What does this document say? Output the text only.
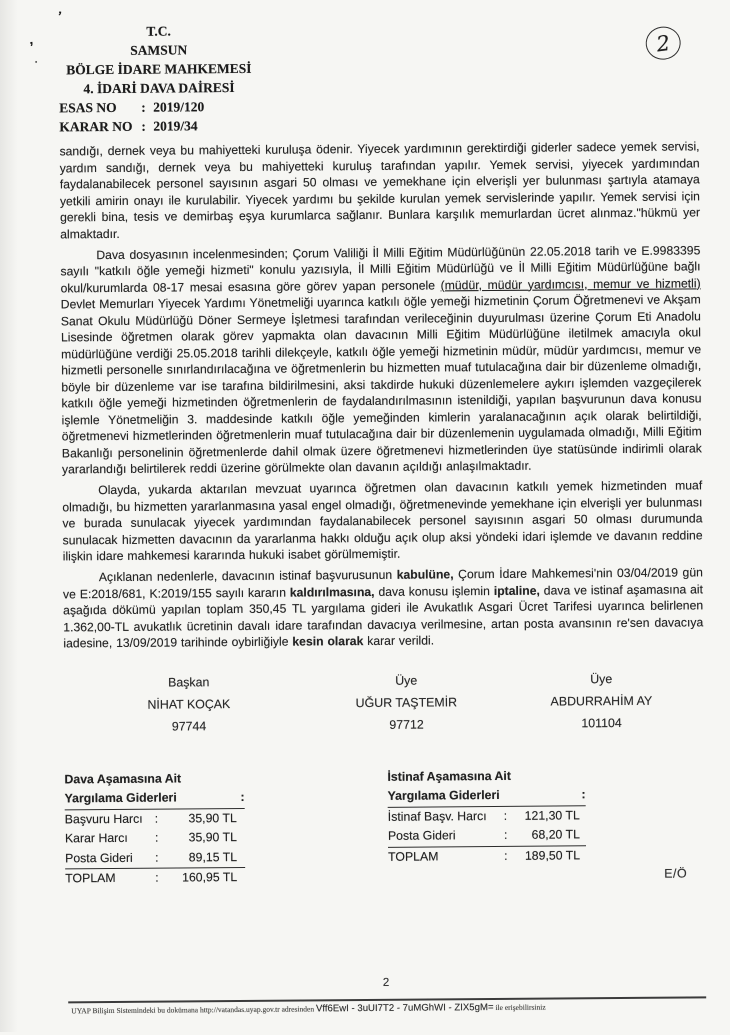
’
’
.
2
T.C.
SAMSUN
BÖLGE İDARE MAHKEMESİ
4. İDARİ DAVA DAİRESİ
ESAS NO	: 2019/120
KARAR NO : 2019/34

sandığı, dernek veya bu mahiyetteki kuruluşa ödenir. Yiyecek yardımının gerektirdiği giderler sadece yemek servisi, yardım sandığı, dernek veya bu mahiyetteki kuruluş tarafından yapılır. Yemek servisi, yiyecek yardımından faydalanabilecek personel sayısının asgari 50 olması ve yemekhane için elverişli yer bulunması şartıyla atamaya yetkili amirin onayı ile kurulabilir. Yiyecek yardımı bu şekilde kurulan yemek servislerinde yapılır. Yemek servisi için gerekli bina, tesis ve demirbaş eşya kurumlarca sağlanır. Bunlara karşılık memurlardan ücret alınmaz."hükmü yer almaktadır.

Dava dosyasının incelenmesinden; Çorum Valiliği İl Milli Eğitim Müdürlüğünün 22.05.2018 tarih ve E.9983395 sayılı "katkılı öğle yemeği hizmeti" konulu yazısıyla, İl Milli Eğitim Müdürlüğü ve İl Milli Eğitim Müdürlüğüne bağlı okul/kurumlarda 08-17 mesai esasına göre görev yapan personele (müdür, müdür yardımcısı, memur ve hizmetli) Devlet Memurları Yiyecek Yardımı Yönetmeliği uyarınca katkılı öğle yemeği hizmetinin Çorum Öğretmenevi ve Akşam Sanat Okulu Müdürlüğü Döner Sermeye İşletmesi tarafından verileceğinin duyurulması üzerine Çorum Eti Anadolu Lisesinde öğretmen olarak görev yapmakta olan davacının Milli Eğitim Müdürlüğüne iletilmek amacıyla okul müdürlüğüne verdiği 25.05.2018 tarihli dilekçeyle, katkılı öğle yemeği hizmetinin müdür, müdür yardımcısı, memur ve hizmetli personelle sınırlandırılacağına ve öğretmenlerin bu hizmetten muaf tutulacağına dair bir düzenleme olmadığı, böyle bir düzenleme var ise tarafına bildirilmesini, aksi takdirde hukuki düzenlemelere aykırı işlemden vazgeçilerek katkılı öğle yemeği hizmetinden öğretmenlerin de faydalandırılmasının istenildiği, yapılan başvurunun dava konusu işlemle Yönetmeliğin 3. maddesinde katkılı öğle yemeğinden kimlerin yaralanacağının açık olarak belirtildiği, öğretmenevi hizmetlerinden öğretmenlerin muaf tutulacağına dair bir düzenlemenin uygulamada olmadığı, Milli Eğitim Bakanlığı personelinin öğretmenlerde dahil olmak üzere öğretmenevi hizmetlerinden üye statüsünde indirimli olarak yararlandığı belirtilerek reddi üzerine görülmekte olan davanın açıldığı anlaşılmaktadır.

Olayda, yukarda aktarılan mevzuat uyarınca öğretmen olan davacının katkılı yemek hizmetinden muaf olmadığı, bu hizmetten yararlanmasına yasal engel olmadığı, öğretmenevinde yemekhane için elverişli yer bulunması ve burada sunulacak yiyecek yardımından faydalanabilecek personel sayısının asgari 50 olması durumunda sunulacak hizmetten davacının da yararlanma hakkı olduğu açık olup aksi yöndeki idari işlemde ve davanın reddine ilişkin idare mahkemesi kararında hukuki isabet görülmemiştir.

Açıklanan nedenlerle, davacının istinaf başvurusunun kabulüne, Çorum İdare Mahkemesi'nin 03/04/2019 gün ve E:2018/681, K:2019/155 sayılı kararın kaldırılmasına, dava konusu işlemin iptaline, dava ve istinaf aşamasına ait aşağıda dökümü yapılan toplam 350,45 TL yargılama gideri ile Avukatlık Asgari Ücret Tarifesi uyarınca belirlenen 1.362,00-TL avukatlık ücretinin davalı idare tarafından davacıya verilmesine, artan posta avansının re'sen davacıya iadesine, 13/09/2019 tarihinde oybirliğiyle kesin olarak karar verildi.

Başkan
NİHAT KOÇAK
97744
Üye
UĞUR TAŞTEMİR
97712
Üye
ABDURRAHİM AY
101104
Dava Aşamasına Ait
Yargılama Giderleri	:
Başvuru Harcı :	35,90 TL
Karar Harcı	:	35,90 TL
Posta Gideri	:	89,15 TL
TOPLAM	:	160,95 TL
İstinaf Aşamasına Ait
Yargılama Giderleri	:
İstinaf Başv. Harcı	:	121,30 TL
Posta Gideri	:	68,20 TL
TOPLAM	:	189,50 TL
E/Ö
2
UYAP Bilişim Sistemindeki bu dokümana http://vatandas.uyap.gov.tr adresinden Vff6EwI - 3uUI7T2 - 7uMGhWI - ZIX5gM= ile erişebilirsiniz
